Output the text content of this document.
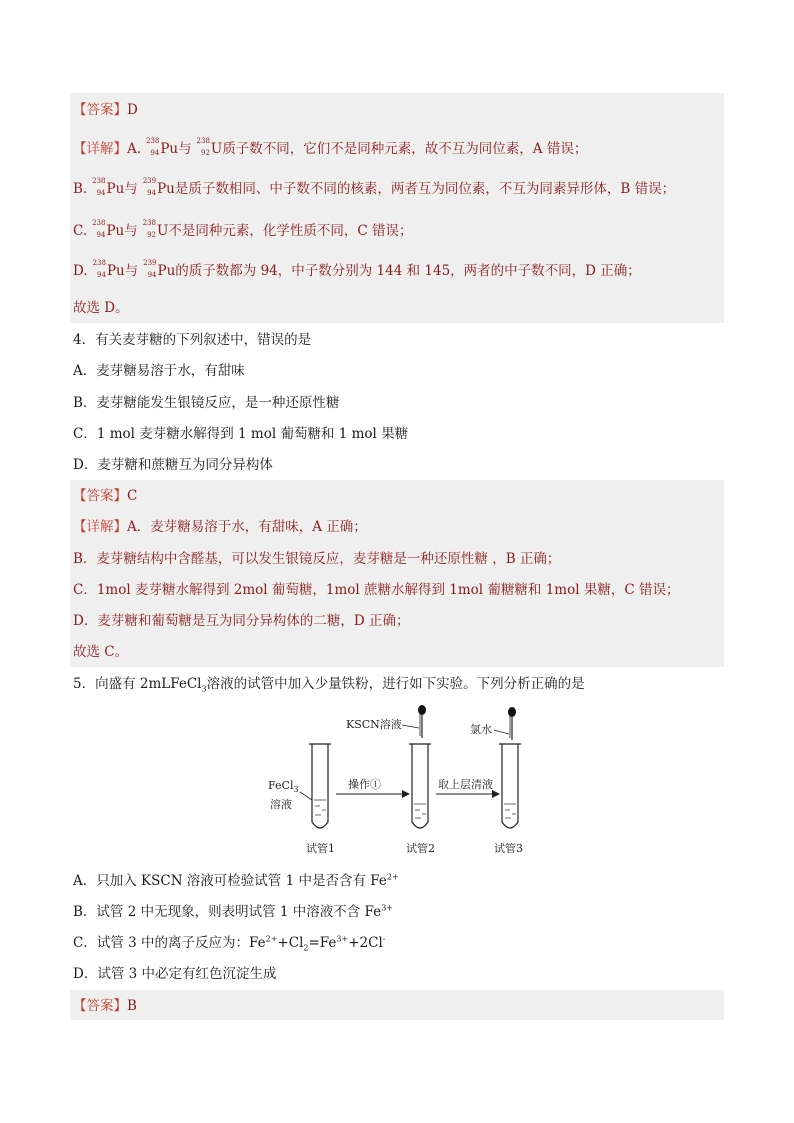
【答案】D
【详解】A. 238
94 Pu与 238
92 U质子数不同，它们不是同种元素，故不互为同位素，A 错误；
B. 238
94 Pu与 239
94 Pu是质子数相同、中子数不同的核素，两者互为同位素，不互为同素异形体，B 错误；
C. 238
94 Pu与 238
92 U不是同种元素，化学性质不同，C 错误；
D. 238
94 Pu与 239
94 Pu的质子数都为 94，中子数分别为 144 和 145，两者的中子数不同，D 正确；
故选 D。
4．有关麦芽糖的下列叙述中，错误的是
A．麦芽糖易溶于水，有甜味
B．麦芽糖能发生银镜反应，是一种还原性糖
C．1 mol 麦芽糖水解得到 1 mol 葡萄糖和 1 mol 果糖
D．麦芽糖和蔗糖互为同分异构体
【答案】C
【详解】A．麦芽糖易溶于水，有甜味，A 正确；
B．麦芽糖结构中含醛基，可以发生银镜反应，麦芽糖是一种还原性糖 ，B 正确；
C．1mol 麦芽糖水解得到 2mol 葡萄糖，1mol 蔗糖水解得到 1mol 葡糖糖和 1mol 果糖，C 错误；
D．麦芽糖和葡萄糖是互为同分异构体的二糖，D 正确；
故选 C。
5．向盛有 2mLFeCl$_3$溶液的试管中加入少量铁粉，进行如下实验。下列分析正确的是
FeCl$_3$
溶液
试管1
操作①
KSCN溶液
试管2
取上层清液
氯水
试管3
A．只加入 KSCN 溶液可检验试管 1 中是否含有 $Fe^{2+}$
B．试管 2 中无现象，则表明试管 1 中溶液不含 $Fe^{3+}$
C．试管 3 中的离子反应为：$Fe^{2+}+Cl_2=Fe^{3+}+2Cl^-$
D．试管 3 中必定有红色沉淀生成
【答案】B
